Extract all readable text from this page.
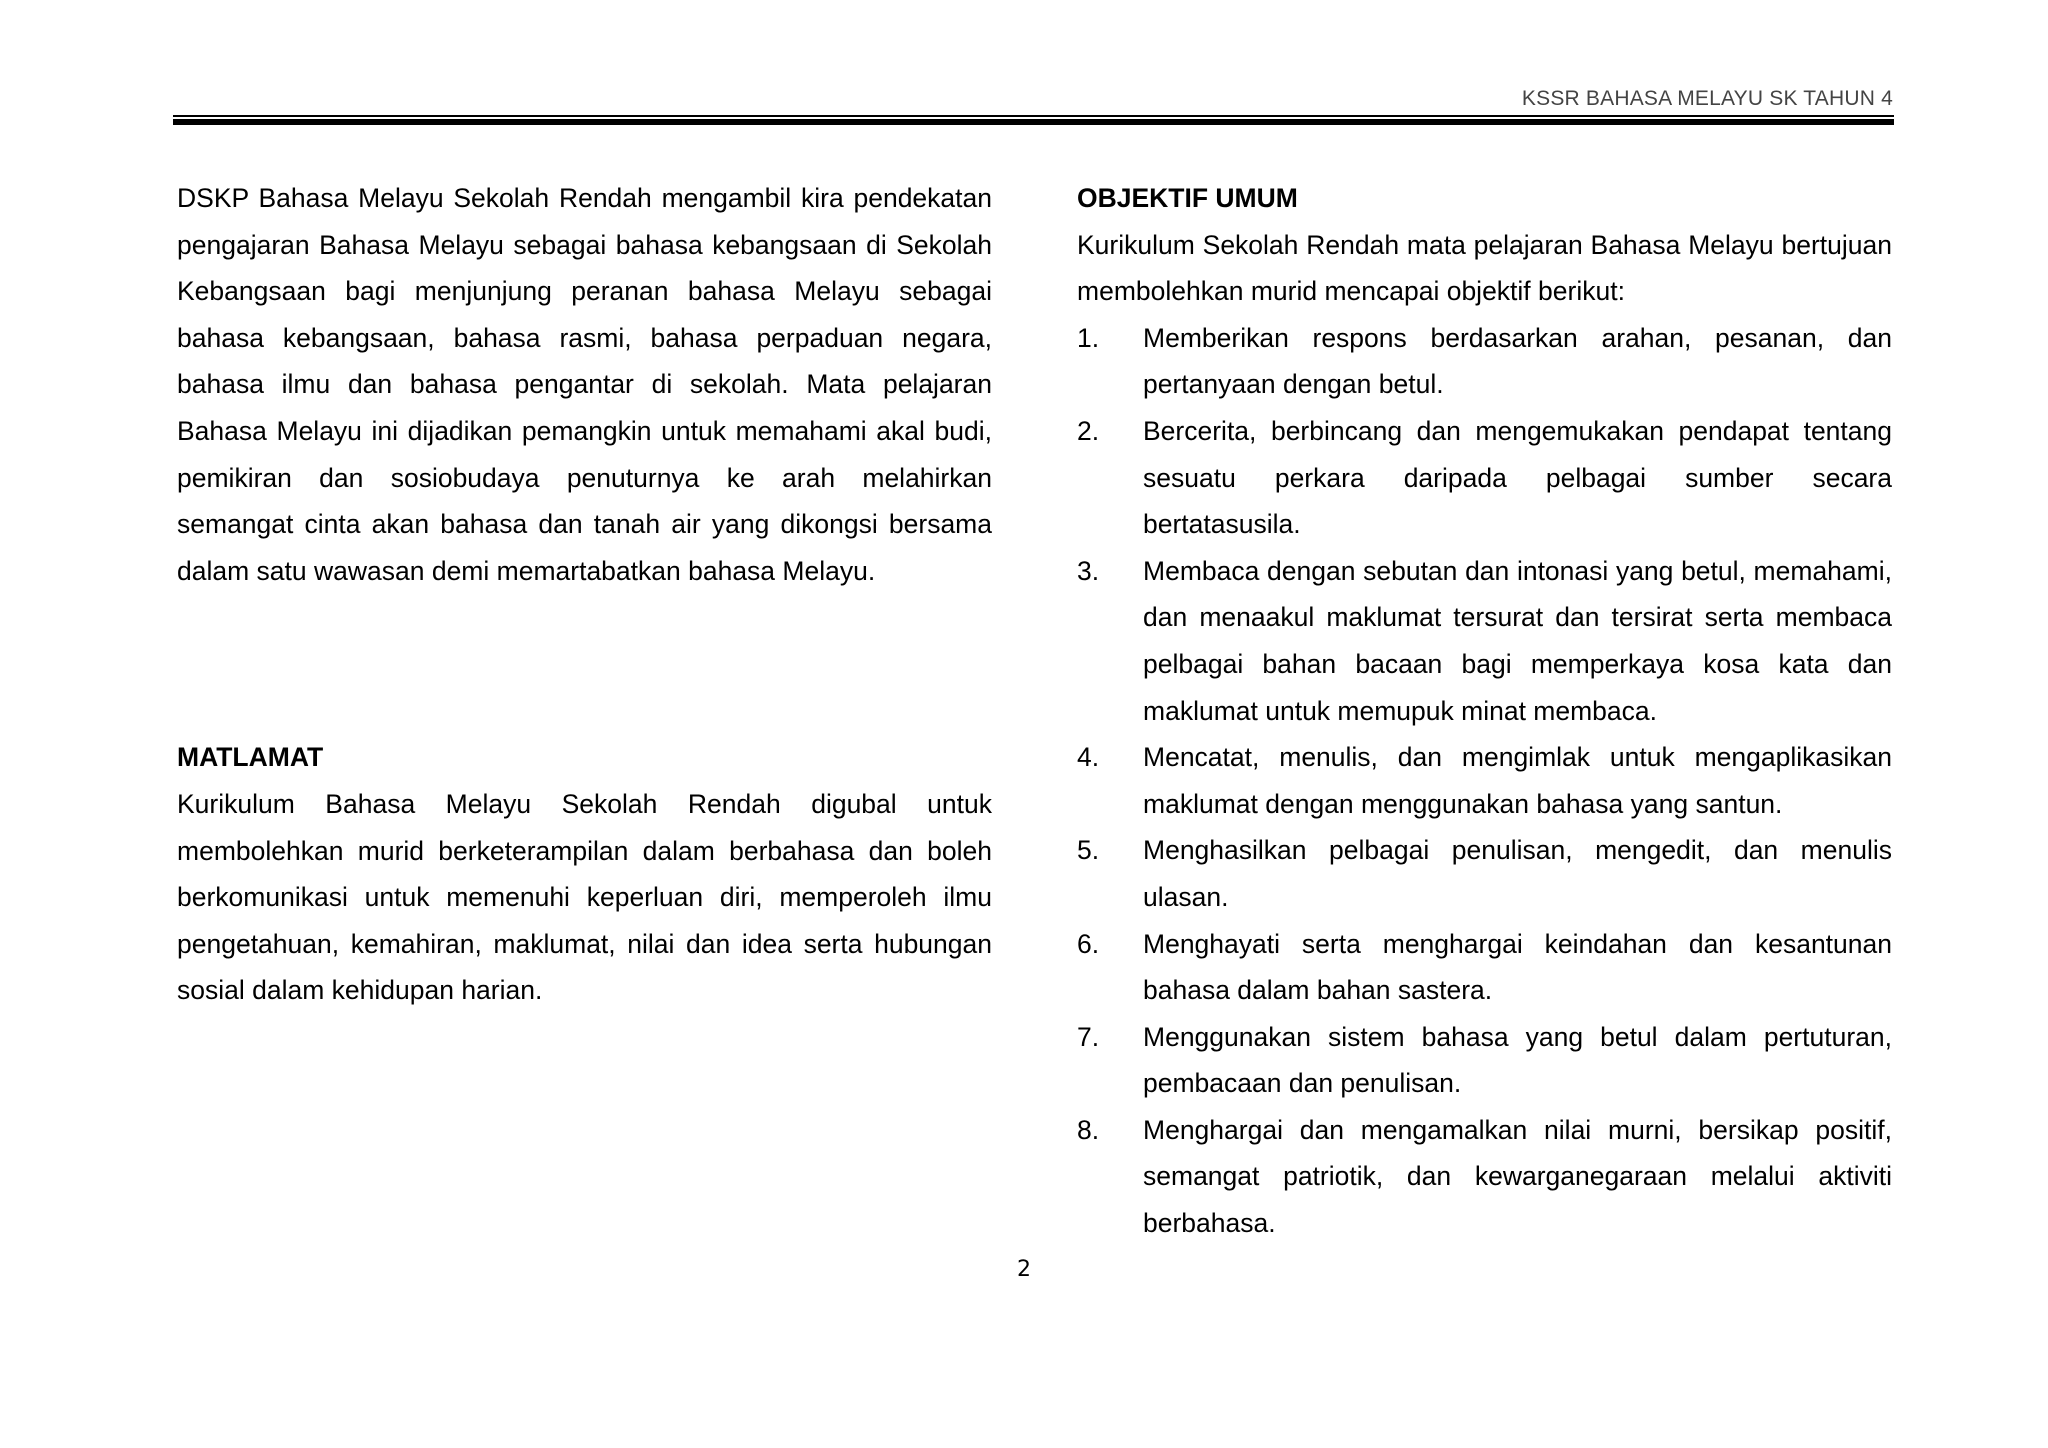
KSSR BAHASA MELAYU SK TAHUN 4

DSKP Bahasa Melayu Sekolah Rendah mengambil kira pendekatan pengajaran Bahasa Melayu sebagai bahasa kebangsaan di Sekolah Kebangsaan bagi menjunjung peranan bahasa Melayu sebagai bahasa kebangsaan, bahasa rasmi, bahasa perpaduan negara, bahasa ilmu dan bahasa pengantar di sekolah. Mata pelajaran Bahasa Melayu ini dijadikan pemangkin untuk memahami akal budi, pemikiran dan sosiobudaya penuturnya ke arah melahirkan semangat cinta akan bahasa dan tanah air yang dikongsi bersama dalam satu wawasan demi memartabatkan bahasa Melayu.

MATLAMAT

Kurikulum Bahasa Melayu Sekolah Rendah digubal untuk membolehkan murid berketerampilan dalam berbahasa dan boleh berkomunikasi untuk memenuhi keperluan diri, memperoleh ilmu pengetahuan, kemahiran, maklumat, nilai dan idea serta hubungan sosial dalam kehidupan harian.

OBJEKTIF UMUM

Kurikulum Sekolah Rendah mata pelajaran Bahasa Melayu bertujuan membolehkan murid mencapai objektif berikut:

1.	Memberikan respons berdasarkan arahan, pesanan, dan pertanyaan dengan betul.
2.	Bercerita, berbincang dan mengemukakan pendapat tentang sesuatu perkara daripada pelbagai sumber secara bertatasusila.
3.	Membaca dengan sebutan dan intonasi yang betul, memahami, dan menaakul maklumat tersurat dan tersirat serta membaca pelbagai bahan bacaan bagi memperkaya kosa kata dan maklumat untuk memupuk minat membaca.
4.	Mencatat, menulis, dan mengimlak untuk mengaplikasikan maklumat dengan menggunakan bahasa yang santun.
5.	Menghasilkan pelbagai penulisan, mengedit, dan menulis ulasan.
6.	Menghayati serta menghargai keindahan dan kesantunan bahasa dalam bahan sastera.
7.	Menggunakan sistem bahasa yang betul dalam pertuturan, pembacaan dan penulisan.
8.	Menghargai dan mengamalkan nilai murni, bersikap positif, semangat patriotik, dan kewarganegaraan melalui aktiviti berbahasa.
2
